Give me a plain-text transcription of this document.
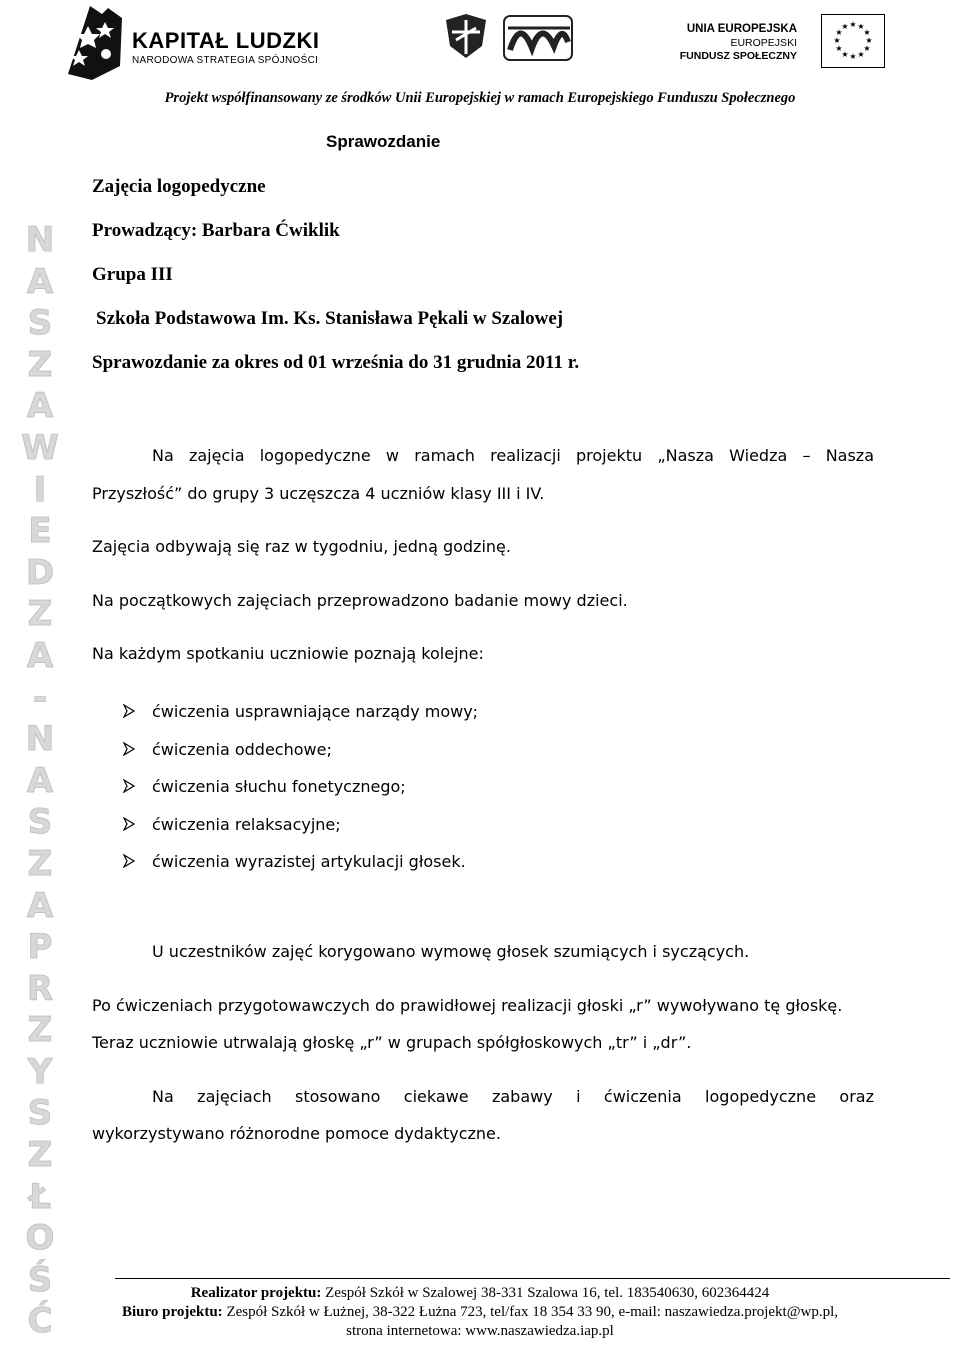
KAPITAŁ LUDZKI
NARODOWA STRATEGIA SPÓJNOŚCI
UNIA EUROPEJSKA
EUROPEJSKI
FUNDUSZ SPOŁECZNY
★ ★
★
★
★
★
★
★
★
★
★
★
Projekt współfinansowany ze środków Unii Europejskiej w ramach Europejskiego Funduszu Społecznego
N
A
S
Z
A
W
I
E
D
Z
A
-
N
A
S
Z
A
P
R
Z
Y
S
Z
Ł
O
Ś
Ć
Sprawozdanie
Zajęcia logopedyczne
Prowadzący: Barbara Ćwiklik
Grupa III
Szkoła Podstawowa Im. Ks. Stanisława Pękali w Szalowej
Sprawozdanie za okres od 01 września do 31 grudnia 2011 r.

Na zajęcia logopedyczne w ramach realizacji projektu „Nasza Wiedza – Nasza

Przyszłość” do grupy 3 uczęszcza 4 uczniów klasy III i IV.

Zajęcia odbywają się raz w tygodniu, jedną godzinę.

Na początkowych zajęciach przeprowadzono badanie mowy dzieci.

Na każdym spotkaniu uczniowie poznają kolejne:

ćwiczenia usprawniające narządy mowy;
ćwiczenia oddechowe;
ćwiczenia słuchu fonetycznego;
ćwiczenia relaksacyjne;
ćwiczenia wyrazistej artykulacji głosek.

U uczestników zajęć korygowano wymowę głosek szumiących i syczących.

Po ćwiczeniach przygotowawczych do prawidłowej realizacji głoski „r” wywoływano tę głoskę.

Teraz uczniowie utrwalają głoskę „r” w grupach spółgłoskowych „tr” i „dr”.

Na zajęciach stosowano ciekawe zabawy i ćwiczenia logopedyczne oraz

wykorzystywano różnorodne pomoce dydaktyczne.

Realizator projektu: Zespół Szkół w Szalowej 38-331 Szalowa 16, tel. 183540630, 602364424
Biuro projektu: Zespół Szkół w Łużnej, 38-322 Łużna 723, tel/fax 18 354 33 90, e-mail: naszawiedza.projekt@wp.pl,
strona internetowa: www.naszawiedza.iap.pl
